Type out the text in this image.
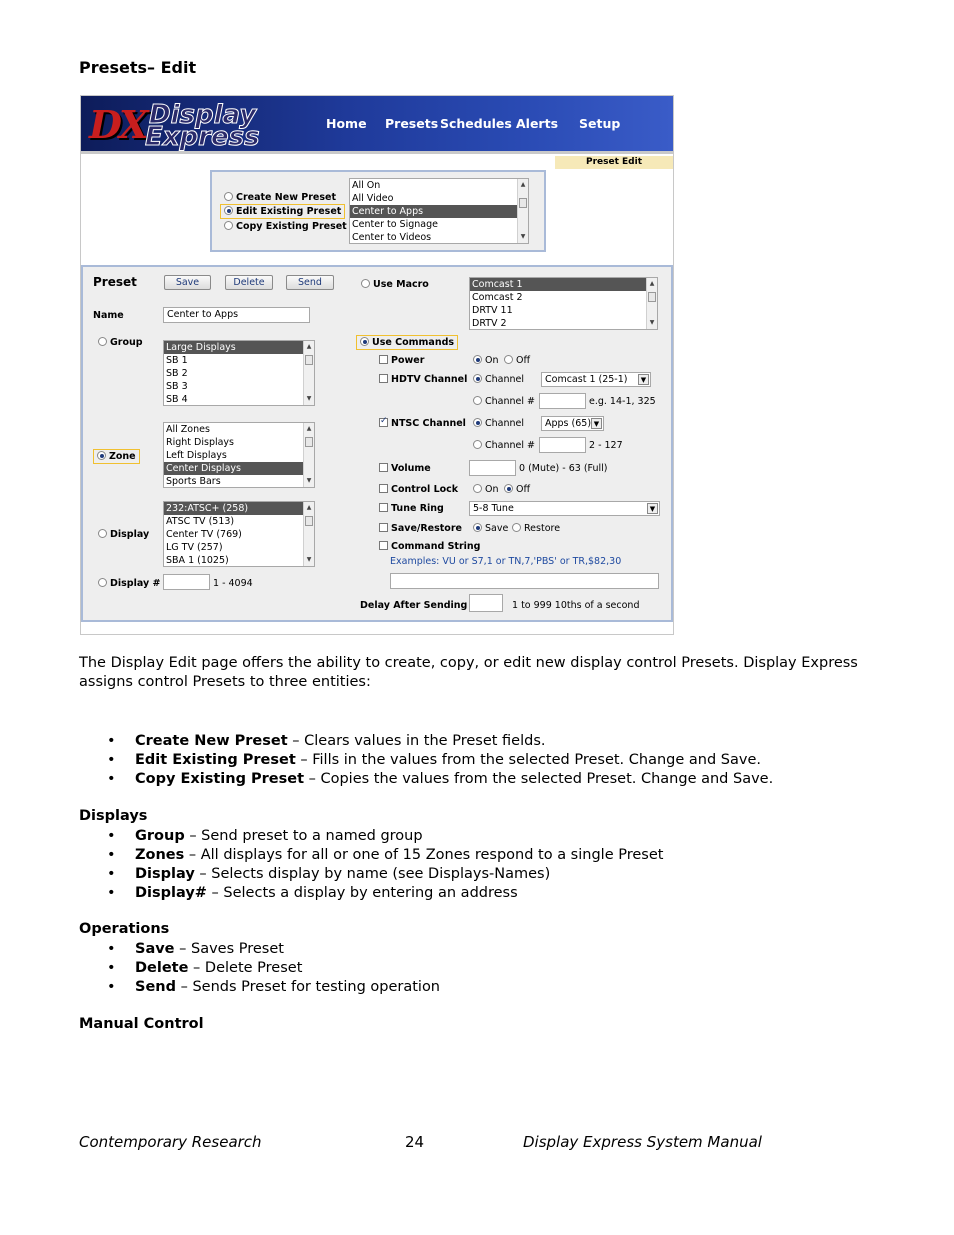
Presets– Edit
DX Display
Express	Home Presets Schedules Alerts Setup
Preset Edit
Create New Preset
Edit Existing Preset
Copy Existing Preset
All On
All Video
Center to Apps
Center to Signage
Center to Videos
▲
▼
Preset	Save	Delete	Send
Name	Center to Apps
Group Large Displays
SB 1
SB 2
SB 3
SB 4
▲
▼
Zone
All Zones
Right Displays
Left Displays
Center Displays
Sports Bars
▲
▼
Display
232:ATSC+ (258)
ATSC TV (513)
Center TV (769)
LG TV (257)
SBA 1 (1025)
▲
▼
Display #	1 - 4094
Use Macro	Comcast 1
Comcast 2
DRTV 11
DRTV 2
▲
▼
Use Commands
Power	On	Off
HDTV Channel	Channel	Comcast 1 (25-1)	▼
Channel #	e.g. 14-1, 325
✓NTSC Channel	Channel	Apps (65) ▼
Channel #	2 - 127
Volume	0 (Mute) - 63 (Full)
Control Lock	On	Off
Tune Ring	5-8 Tune	▼
Save/Restore	Save	Restore
Command String
Examples: VU or S7,1 or TN,7,'PBS' or TR,$82,30
Delay After Sending	1 to 999 10ths of a second
The Display Edit page offers the ability to create, copy, or edit new display control Presets. Display Express assigns control Presets to three entities:
• Create New Preset – Clears values in the Preset fields.
• Edit Existing Preset – Fills in the values from the selected Preset. Change and Save.
• Copy Existing Preset – Copies the values from the selected Preset. Change and Save.
Displays
• Group – Send preset to a named group
• Zones – All displays for all or one of 15 Zones respond to a single Preset
• Display – Selects display by name (see Displays-Names)
• Display# – Selects a display by entering an address
Operations
• Save – Saves Preset
• Delete – Delete Preset
• Send – Sends Preset for testing operation
Manual Control
Contemporary Research	24	Display Express System Manual
